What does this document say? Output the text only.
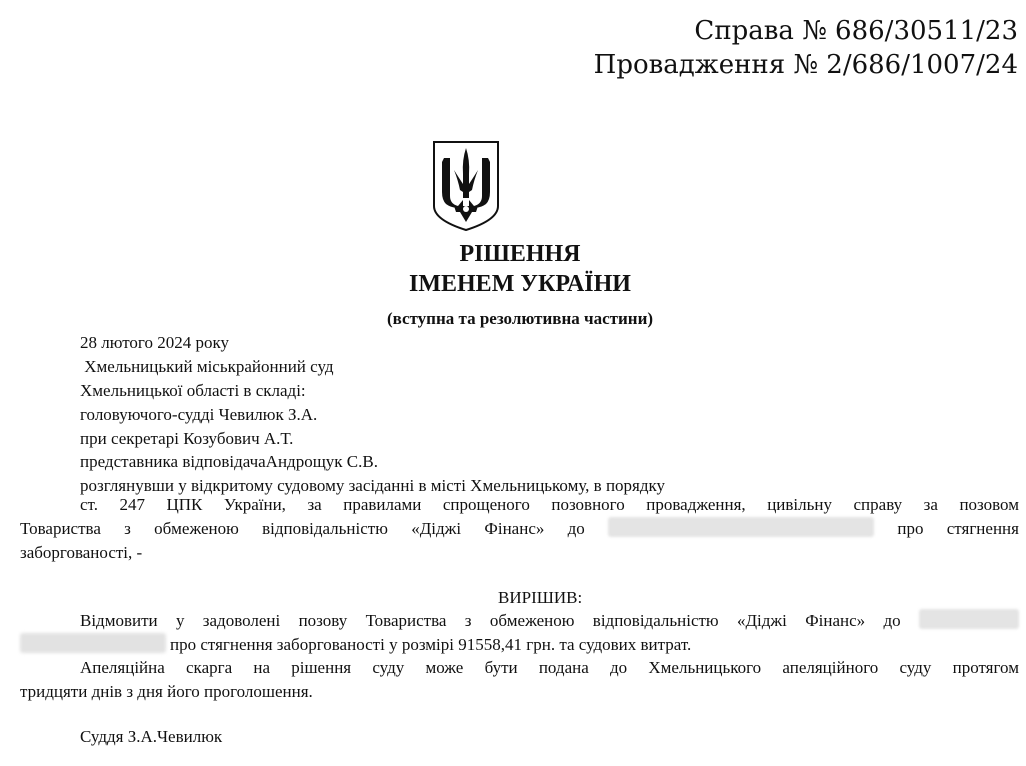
Справа № 686/30511/23
Провадження № 2/686/1007/24
РІШЕННЯ
ІМЕНЕМ УКРАЇНИ
(вступна та резолютивна частини)
28 лютого 2024 року
Хмельницький міськрайонний суд
Хмельницької області в складі:
головуючого-судді Чевилюк З.А.
при секретарі Козубович А.Т.
представника відповідачаАндрощук С.В.
розглянувши у відкритому судовому засіданні в місті Хмельницькому, в порядку
ст. 247 ЦПК України, за правилами спрощеного позовного провадження, цивільну справу за позовом
Товариства з обмеженою відповідальністю «Діджі Фінанс» до	про стягнення
заборгованості, -
ВИРІШИВ:
Відмовити у задоволені позову Товариства з обмеженою відповідальністю «Діджі Фінанс» до
про стягнення заборгованості у розмірі 91558,41 грн. та судових витрат.
Апеляційна скарга на рішення суду може бути подана до Хмельницького апеляційного суду протягом
тридцяти днів з дня його проголошення.
Суддя З.А.Чевилюк
